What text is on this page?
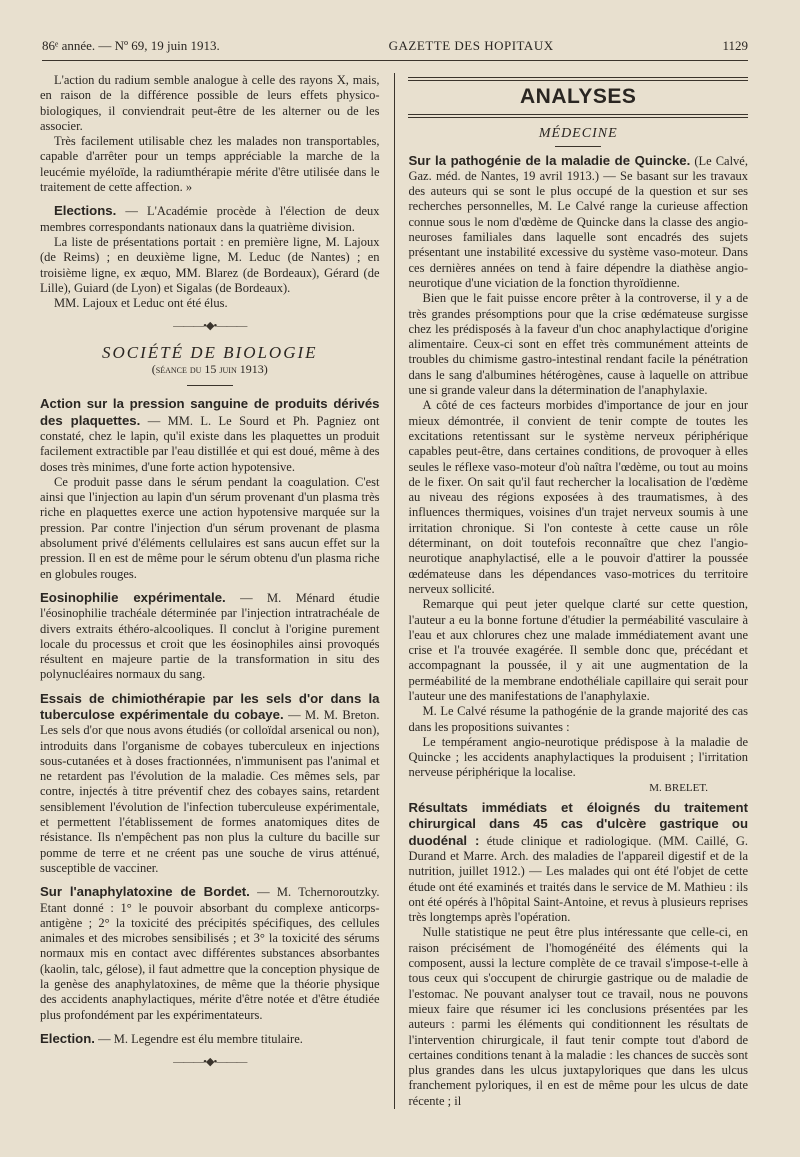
86ᵉ année. — Nº 69, 19 juin 1913.	GAZETTE DES HOPITAUX	1129

L'action du radium semble analogue à celle des rayons X, mais, en raison de la différence possible de leurs effets physico-biologiques, il conviendrait peut-être de les alterner ou de les associer.

Très facilement utilisable chez les malades non transportables, capable d'arrêter pour un temps appréciable la marche de la leucémie myéloïde, la radiumthérapie mérite d'être utilisée dans le traitement de cette affection. »

Elections. — L'Académie procède à l'élection de deux membres correspondants nationaux dans la quatrième division.

La liste de présentations portait : en première ligne, M. Lajoux (de Reims) ; en deuxième ligne, M. Leduc (de Nantes) ; en troisième ligne, ex æquo, MM. Blarez (de Bordeaux), Gérard (de Lille), Guiard (de Lyon) et Sigalas (de Bordeaux).

MM. Lajoux et Leduc ont été élus.

———•◆•———
SOCIÉTÉ DE BIOLOGIE
(séance du 15 juin 1913)

Action sur la pression sanguine de produits dérivés des plaquettes. — MM. L. Le Sourd et Ph. Pagniez ont constaté, chez le lapin, qu'il existe dans les plaquettes un produit facilement extractible par l'eau distillée et qui est doué, même à des doses très minimes, d'une forte action hypotensive.

Ce produit passe dans le sérum pendant la coagulation. C'est ainsi que l'injection au lapin d'un sérum provenant d'un plasma très riche en plaquettes exerce une action hypotensive marquée sur la pression. Par contre l'injection d'un sérum provenant de plasma absolument privé d'éléments cellulaires est sans aucun effet sur la pression. Il en est de même pour le sérum obtenu d'un plasma riche en globules rouges.

Eosinophilie expérimentale. — M. Ménard étudie l'éosinophilie trachéale déterminée par l'injection intratrachéale de divers extraits éthéro-alcooliques. Il conclut à l'origine purement locale du processus et croit que les éosinophiles ainsi provoqués résultent en majeure partie de la transformation in situ des polynucléaires normaux du sang.

Essais de chimiothérapie par les sels d'or dans la tuberculose expérimentale du cobaye. — M. M. Breton. Les sels d'or que nous avons étudiés (or colloïdal arsenical ou non), introduits dans l'organisme de cobayes tuberculeux en injections sous-cutanées et à doses fractionnées, n'immunisent pas l'animal et ne retardent pas l'évolution de la maladie. Ces mêmes sels, par contre, injectés à titre préventif chez des cobayes sains, retardent sensiblement l'évolution de l'infection tuberculeuse expérimentale, et permettent l'établissement de formes anatomiques dites de résistance. Ils n'empêchent pas non plus la culture du bacille sur pomme de terre et ne créent pas une souche de virus atténué, susceptible de vacciner.

Sur l'anaphylatoxine de Bordet. — M. Tchernoroutzky. Etant donné : 1° le pouvoir absorbant du complexe anticorps-antigène ; 2° la toxicité des précipités spécifiques, des cellules animales et des microbes sensibilisés ; et 3° la toxicité des sérums normaux mis en contact avec différentes substances absorbantes (kaolin, talc, gélose), il faut admettre que la conception physique de la genèse des anaphylatoxines, de même que la théorie physique des accidents anaphylactiques, mérite d'être notée et d'être étudiée plus profondément par les expérimentateurs.

Election. — M. Legendre est élu membre titulaire.

———•◆•———
ANALYSES
MÉDECINE

Sur la pathogénie de la maladie de Quincke. (Le Calvé, Gaz. méd. de Nantes, 19 avril 1913.) — Se basant sur les travaux des auteurs qui se sont le plus occupé de la question et sur ses recherches personnelles, M. Le Calvé range la curieuse affection connue sous le nom d'œdème de Quincke dans la classe des angio-neuroses familiales dans laquelle sont encadrés des sujets présentant une instabilité excessive du système vaso-moteur. Dans ces dernières années on tend à faire dépendre la diathèse angio-neurotique d'une viciation de la fonction thyroïdienne.

Bien que le fait puisse encore prêter à la controverse, il y a de très grandes présomptions pour que la crise œdémateuse surgisse chez les prédisposés à la faveur d'un choc anaphylactique d'origine alimentaire. Ceux-ci sont en effet très communément atteints de troubles du chimisme gastro-intestinal rendant facile la pénétration dans le sang d'albumines hétérogènes, cause à laquelle on attribue une si grande valeur dans la détermination de l'anaphylaxie.

A côté de ces facteurs morbides d'importance de jour en jour mieux démontrée, il convient de tenir compte de toutes les excitations retentissant sur le système nerveux périphérique capables peut-être, dans certaines conditions, de provoquer à elles seules le réflexe vaso-moteur d'où naîtra l'œdème, ou tout au moins de le fixer. On sait qu'il faut rechercher la localisation de l'œdème au niveau des régions exposées à des traumatismes, à des influences thermiques, voisines d'un trajet nerveux soumis à une irritation chronique. Si l'on conteste à cette cause un rôle déterminant, on doit toutefois reconnaître que chez l'angio-neurotique anaphylactisé, elle a le pouvoir d'attirer la poussée œdémateuse dans les dépendances vaso-motrices du territoire nerveux sollicité.

Remarque qui peut jeter quelque clarté sur cette question, l'auteur a eu la bonne fortune d'étudier la perméabilité vasculaire à l'eau et aux chlorures chez une malade immédiatement avant une crise et l'a trouvée exagérée. Il semble donc que, précédant et accompagnant la poussée, il y ait une augmentation de la perméabilité de la membrane endothéliale capillaire qui serait pour l'auteur une des manifestations de l'anaphylaxie.

M. Le Calvé résume la pathogénie de la grande majorité des cas dans les propositions suivantes :

Le tempérament angio-neurotique prédispose à la maladie de Quincke ; les accidents anaphylactiques la produisent ; l'irritation nerveuse périphérique la localise.

M. BRELET.

Résultats immédiats et éloignés du traitement chirurgical dans 45 cas d'ulcère gastrique ou duodénal : étude clinique et radiologique. (MM. Caillé, G. Durand et Marre. Arch. des maladies de l'appareil digestif et de la nutrition, juillet 1912.) — Les malades qui ont été l'objet de cette étude ont été examinés et traités dans le service de M. Mathieu : ils ont été opérés à l'hôpital Saint-Antoine, et revus à plusieurs reprises très longtemps après l'opération.

Nulle statistique ne peut être plus intéressante que celle-ci, en raison précisément de l'homogénéité des éléments qui la composent, aussi la lecture complète de ce travail s'impose-t-elle à tous ceux qui s'occupent de chirurgie gastrique ou de maladie de l'estomac. Ne pouvant analyser tout ce travail, nous ne pouvons mieux faire que résumer ici les conclusions présentées par les auteurs : parmi les éléments qui conditionnent les résultats de l'intervention chirurgicale, il faut tenir compte tout d'abord de certaines conditions tenant à la maladie : les chances de succès sont plus grandes dans les ulcus juxtapyloriques que dans les ulcus franchement pyloriques, il en est de même pour les ulcus de date récente ; il
